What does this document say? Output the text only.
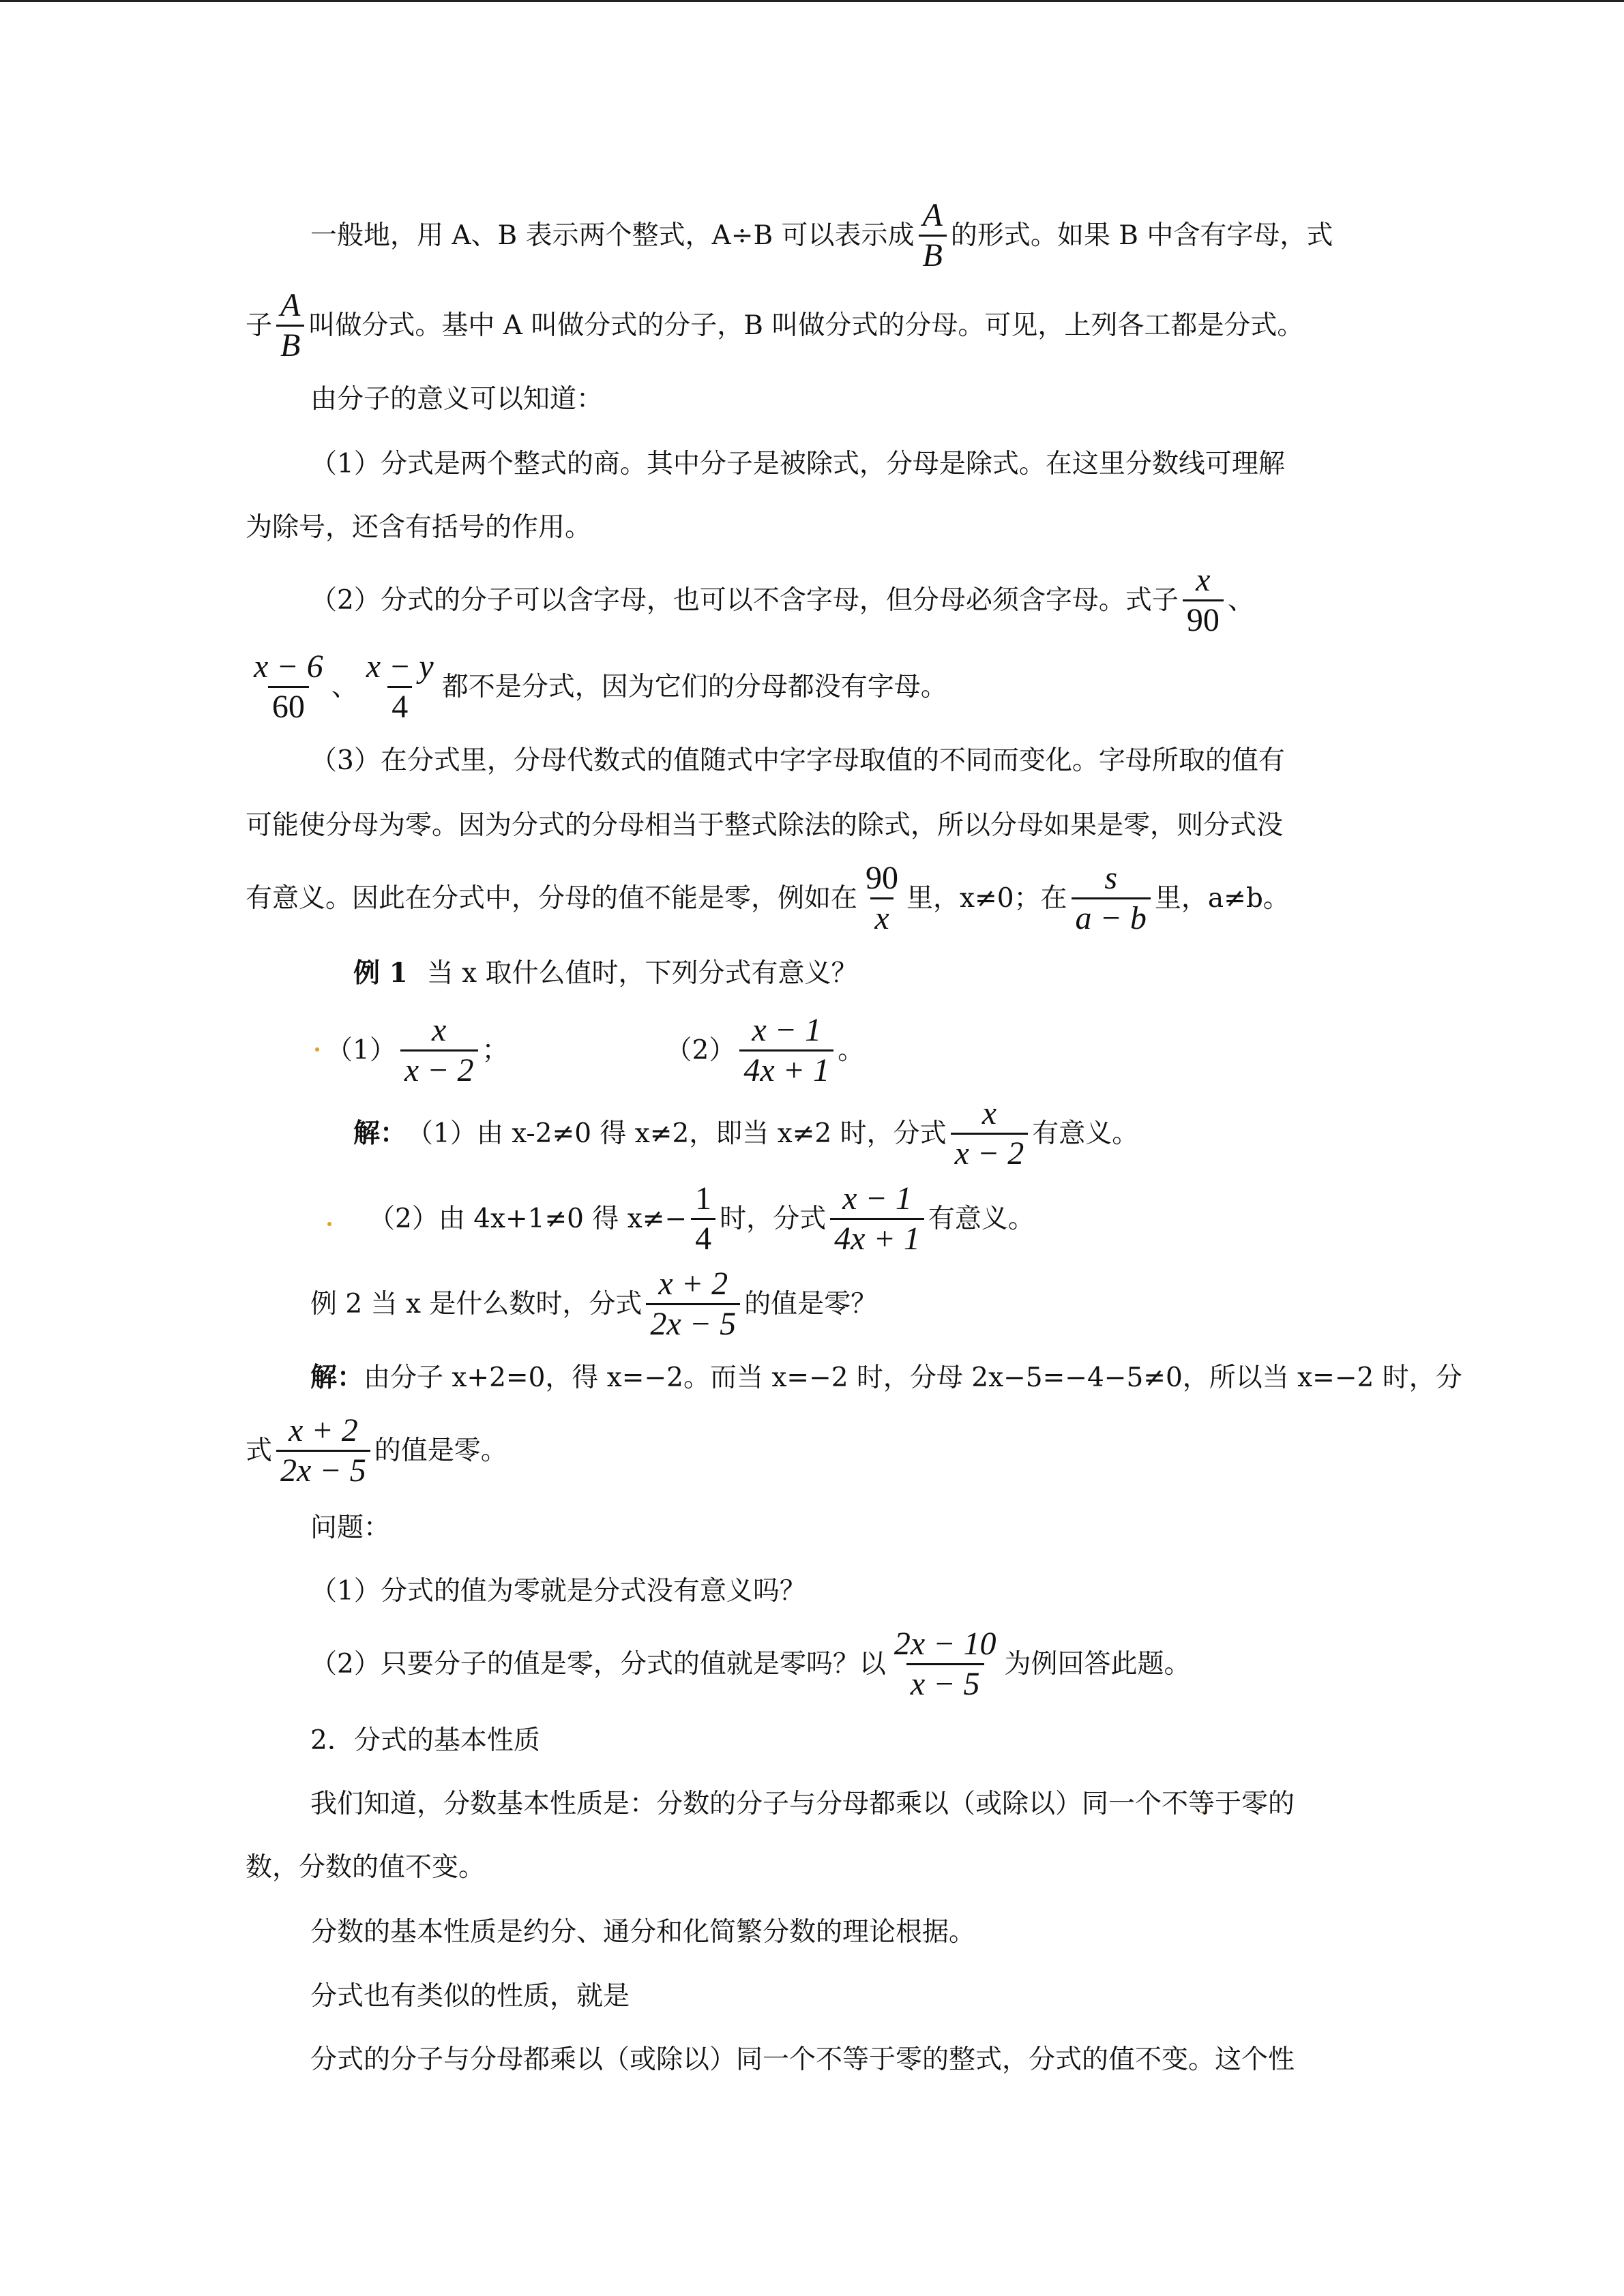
一般地，用 A、B 表示两个整式，A÷B 可以表示成 $\frac{A}{B}$ 的形式。如果 B 中含有字母，式
子 $\frac{A}{B}$ 叫做分式。基中 A 叫做分式的分子，B 叫做分式的分母。可见，上列各工都是分式。
由分子的意义可以知道：
（1）分式是两个整式的商。其中分子是被除式，分母是除式。在这里分数线可理解
为除号，还含有括号的作用。
（2）分式的分子可以含字母，也可以不含字母，但分母必须含字母。式子 $\frac{x}{90}$ 、
$\frac{x - 6}{60}$ 、 $\frac{x - y}{4}$ 都不是分式，因为它们的分母都没有字母。
（3）在分式里，分母代数式的值随式中字字母取值的不同而变化。字母所取的值有
可能使分母为零。因为分式的分母相当于整式除法的除式，所以分母如果是零，则分式没
有意义。因此在分式中，分母的值不能是零，例如在 $\frac{90}{x}$ 里，x≠0；在 $\frac{s}{a - b}$ 里，a≠b。
例 1 当 x 取什么值时，下列分式有意义？
$(1) \frac{x}{x - 2}$ ；	$(2) \frac{x - 1}{4x + 1}$ 。
解： （1）由 x-2≠0 得 x≠2，即当 x≠2 时，分式 $\frac{x}{x - 2}$ 有意义。
（2）由 4x+1≠0 得 $x\ne- \frac{1}{4}$ 时，分式 $\frac{x - 1}{4x + 1}$ 有意义。
例 2 当 x 是什么数时，分式 $\frac{x + 2}{2x - 5}$ 的值是零？
解： 由分子 x+2=0，得 x=−2。而当 x=−2 时，分母 2x−5=−4−5≠0，所以当 x=−2 时，分
式 $\frac{x + 2}{2x - 5}$ 的值是零。
问题：
（1）分式的值为零就是分式没有意义吗？
（2）只要分子的值是零，分式的值就是零吗？以 $\frac{2x - 10}{x - 5}$ 为例回答此题。
2．分式的基本性质
我们知道，分数基本性质是：分数的分子与分母都乘以（或除以）同一个不等于零的
数，分数的值不变。
分数的基本性质是约分、通分和化简繁分数的理论根据。
分式也有类似的性质，就是
分式的分子与分母都乘以（或除以）同一个不等于零的整式，分式的值不变。这个性
